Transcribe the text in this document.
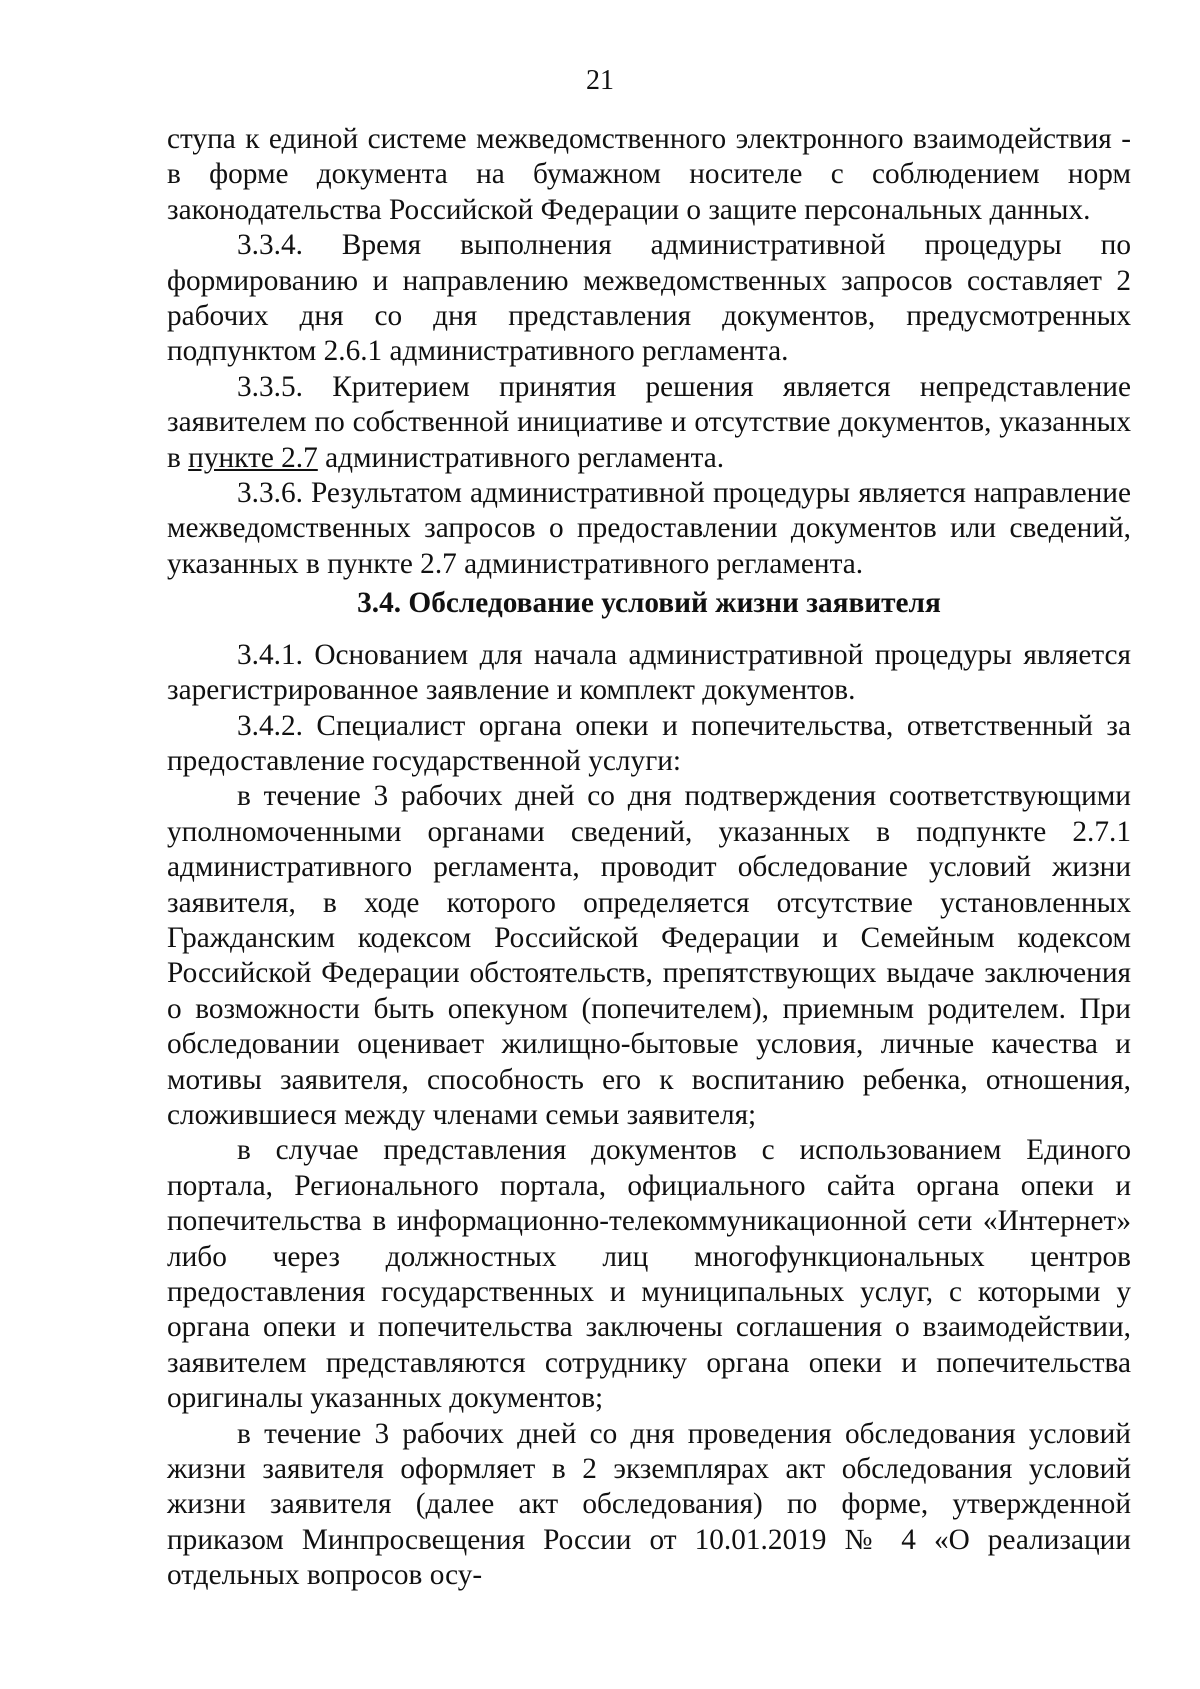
21

ступа к единой системе межведомственного электронного взаимодействия - в форме документа на бумажном носителе с соблюдением норм законодательства Российской Федерации о защите персональных данных.

3.3.4. Время выполнения административной процедуры по формированию и направлению межведомственных запросов составляет 2 рабочих дня со дня представления документов, предусмотренных подпунктом 2.6.1 административного регламента.

3.3.5. Критерием принятия решения является непредставление заявителем по собственной инициативе и отсутствие документов, указанных в пункте 2.7 административного регламента.

3.3.6. Результатом административной процедуры является направление межведомственных запросов о предоставлении документов или сведений, указанных в пункте 2.7 административного регламента.

3.4. Обследование условий жизни заявителя

3.4.1. Основанием для начала административной процедуры является зарегистрированное заявление и комплект документов.

3.4.2. Специалист органа опеки и попечительства, ответственный за предоставление государственной услуги:

в течение 3 рабочих дней со дня подтверждения соответствующими уполномоченными органами сведений, указанных в подпункте 2.7.1 административного регламента, проводит обследование условий жизни заявителя, в ходе которого определяется отсутствие установленных Гражданским кодексом Российской Федерации и Семейным кодексом Российской Федерации обстоятельств, препятствующих выдаче заключения о возможности быть опекуном (попечителем), приемным родителем. При обследовании оценивает жилищно-бытовые условия, личные качества и мотивы заявителя, способность его к воспитанию ребенка, отношения, сложившиеся между членами семьи заявителя;

в случае представления документов с использованием Единого портала, Регионального портала, официального сайта органа опеки и попечительства в информационно-телекоммуникационной сети «Интернет» либо через должностных лиц многофункциональных центров предоставления государственных и муниципальных услуг, с которыми у органа опеки и попечительства заключены соглашения о взаимодействии, заявителем представляются сотруднику органа опеки и попечительства оригиналы указанных документов;

в течение 3 рабочих дней со дня проведения обследования условий жизни заявителя оформляет в 2 экземплярах акт обследования условий жизни заявителя (далее акт обследования) по форме, утвержденной приказом Минпросвещения России от 10.01.2019 № 4 «О реализации отдельных вопросов осу-
